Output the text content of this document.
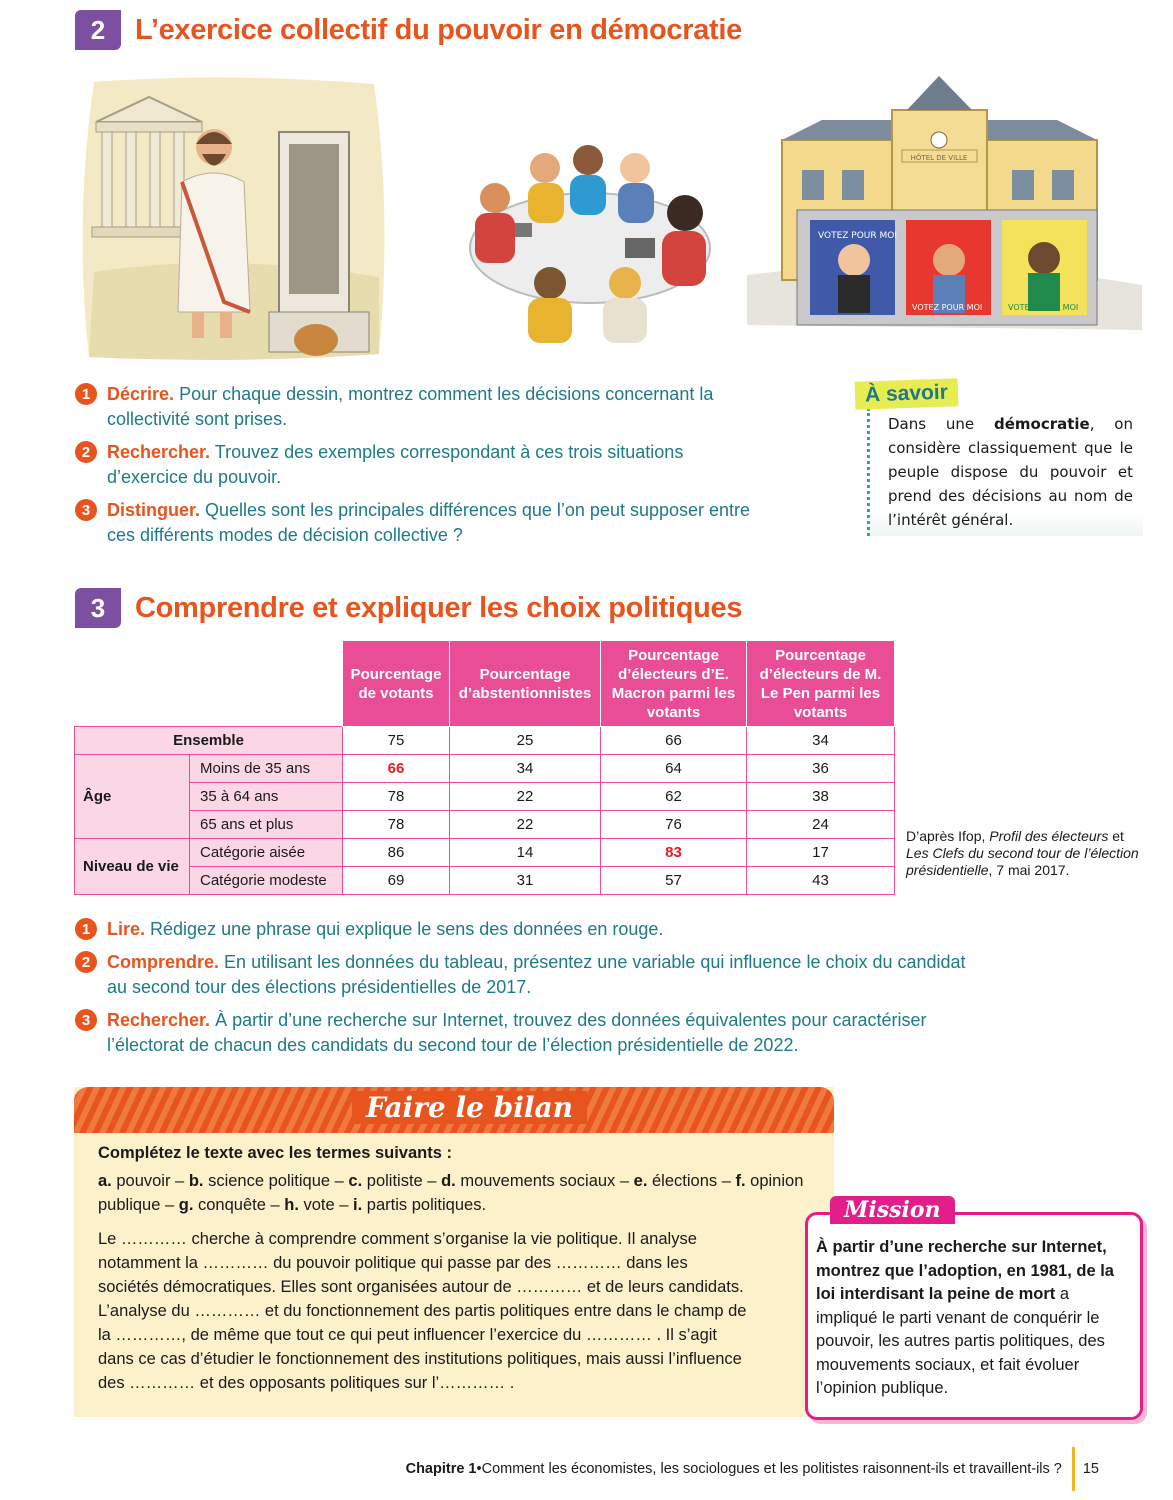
2	L’exercice collectif du pouvoir en démocratie
HÔTEL DE VILLE
VOTEZ POUR MOI
VOTEZ POUR MOI	VOTEZ POUR MOI
1 Décrire. Pour chaque dessin, montrez comment les décisions concernant la collectivité sont prises.
2 Rechercher. Trouvez des exemples correspondant à ces trois situations d’exercice du pouvoir.
3 Distinguer. Quelles sont les principales différences que l’on peut supposer entre ces différents modes de décision collective ?
Dans une démocratie, on considère classiquement que le peuple dispose du pouvoir et prend des décisions au nom de l’intérêt général.
À savoir
3	Comprendre et expliquer les choix politiques
		Pourcentage de votants	Pourcentage d’abstentionnistes	Pourcentage d’électeurs d’E. Macron parmi les votants	Pourcentage d’électeurs de M. Le Pen parmi les votants
Ensemble		75	25	66	34
Âge	Moins de 35 ans	66	34	64	36
	35 à 64 ans	78	22	62	38
	65 ans et plus	78	22	76	24
Niveau de vie	Catégorie aisée	86	14	83	17
	Catégorie modeste	69	31	57	43
D’après Ifop, Profil des électeurs et Les Clefs du second tour de l’élection présidentielle, 7 mai 2017.
1 Lire. Rédigez une phrase qui explique le sens des données en rouge.
2 Comprendre. En utilisant les données du tableau, présentez une variable qui influence le choix du candidat au second tour des élections présidentielles de 2017.
3 Rechercher. À partir d’une recherche sur Internet, trouvez des données équivalentes pour caractériser l’électorat de chacun des candidats du second tour de l’élection présidentielle de 2022.
Faire le bilan

Complétez le texte avec les termes suivants :

a. pouvoir – b. science politique – c. politiste – d. mouvements sociaux – e. élections – f. opinion publique – g. conquête – h. vote – i. partis politiques.

Le ………… cherche à comprendre comment s’organise la vie politique. Il analyse notamment la ………… du pouvoir politique qui passe par des ………… dans les sociétés démocratiques. Elles sont organisées autour de ………… et de leurs candidats. L’analyse du ………… et du fonctionnement des partis politiques entre dans le champ de la …………, de même que tout ce qui peut influencer l’exercice du ………… . Il s’agit dans ce cas d’étudier le fonctionnement des institutions politiques, mais aussi l’influence des ………… et des opposants politiques sur l’………… .

Mission
À partir d’une recherche sur Internet, montrez que l’adoption, en 1981, de la loi interdisant la peine de mort a impliqué le parti venant de conquérir le pouvoir, les autres partis politiques, des mouvements sociaux, et fait évoluer l’opinion publique.
Chapitre 1 • Comment les économistes, les sociologues et les politistes raisonnent-ils et travaillent-ils ? 15
